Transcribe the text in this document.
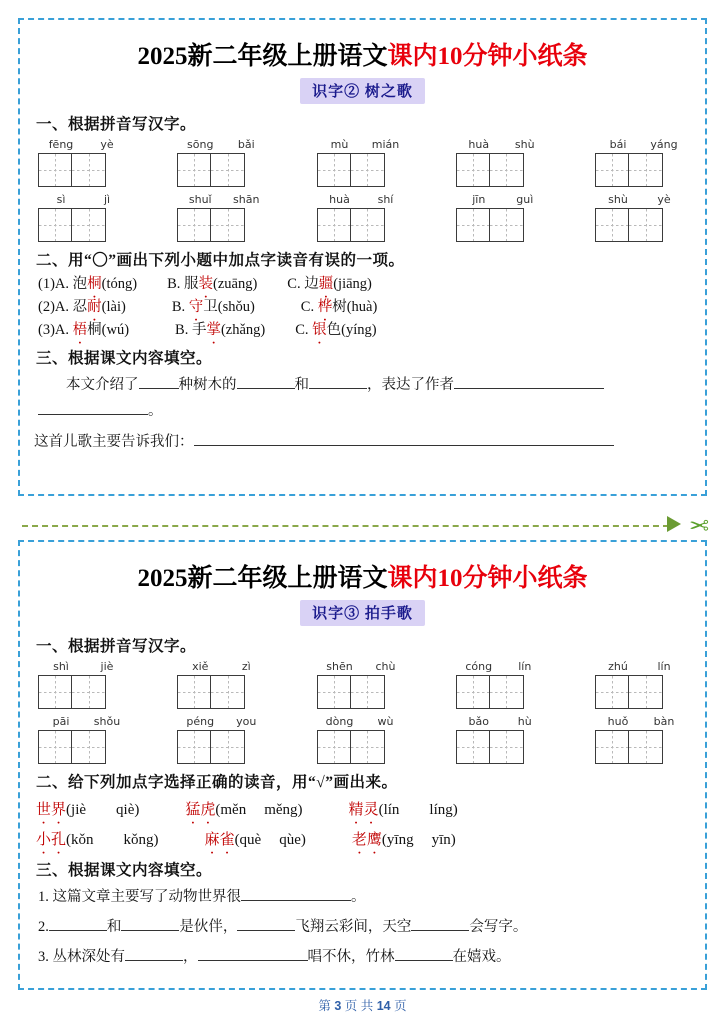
2025新二年级上册语文课内10分钟小纸条
识字② 树之歌
一、根据拼音写汉字。
fēng	yè	sōng	bǎi	mù	mián	huà	shù	bái	yáng
sì	jì	shuǐ	shān	huà	shí	jīn	guì	shù	yè
二、用“〇”画出下列小题中加点字读音有误的一项。
(1)A. 泡桐(tóng) B. 服装(zuāng) C. 边疆(jiāng)
(2)A. 忍耐(lài)	B. 守卫(shǒu)	C. 桦树(huà)
(3)A. 梧桐(wú)	B. 手掌(zhǎng) C. 银色(yíng)
三、根据课文内容填空。
本文介绍了	种树木的	和	，表达了作者
。
这首儿歌主要告诉我们：
✂
2025新二年级上册语文课内10分钟小纸条
识字③ 拍手歌
一、根据拼音写汉字。
shì	jiè	xiě	zì	shēn	chù	cóng	lín	zhú	lín
pāi	shǒu	péng	you	dòng	wù	bǎo	hù	huǒ	bàn
二、给下列加点字选择正确的读音，用“√”画出来。
世界(jiè qiè)	猛虎(měn měng)	精灵(lín líng)
小孔(kǒn kǒng)	麻雀(què qùe)	老鹰(yīng yīn)
三、根据课文内容填空。
1. 这篇文章主要写了动物世界很	。
2.	和	是伙伴，	飞翔云彩间，天空	会写字。
3. 丛林深处有	，	唱不休，竹林	在嬉戏。
第 3 页 共 14 页
